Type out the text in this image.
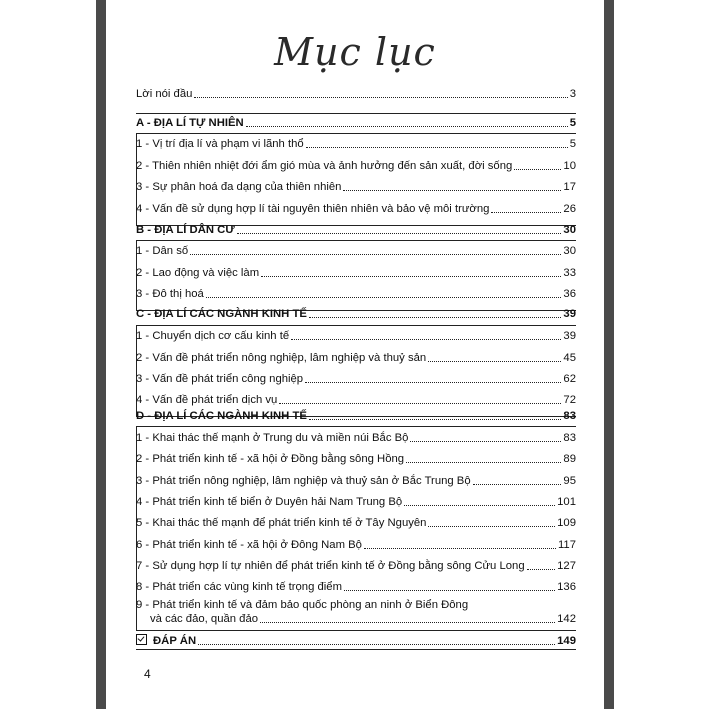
Mục lục
Lời nói đầu	3
A - ĐỊA LÍ TỰ NHIÊN	5
1 - Vị trí địa lí và phạm vi lãnh thổ	5
2 - Thiên nhiên nhiệt đới ẩm gió mùa và ảnh hưởng đến sản xuất, đời sống	10
3 - Sự phân hoá đa dạng của thiên nhiên	17
4 - Vấn đề sử dụng hợp lí tài nguyên thiên nhiên và bảo vệ môi trường	26
B - ĐỊA LÍ DÂN CƯ	30
1 - Dân số	30
2 - Lao động và việc làm	33
3 - Đô thị hoá	36
C - ĐỊA LÍ CÁC NGÀNH KINH TẾ	39
1 - Chuyển dịch cơ cấu kinh tế	39
2 - Vấn đề phát triển nông nghiệp, lâm nghiệp và thuỷ sản	45
3 - Vấn đề phát triển công nghiệp	62
4 - Vấn đề phát triển dịch vụ	72
D - ĐỊA LÍ CÁC NGÀNH KINH TẾ	83
1 - Khai thác thế mạnh ở Trung du và miền núi Bắc Bộ	83
2 - Phát triển kinh tế - xã hội ở Đồng bằng sông Hồng	89
3 - Phát triển nông nghiệp, lâm nghiệp và thuỷ sản ở Bắc Trung Bộ	95
4 - Phát triển kinh tế biển ở Duyên hải Nam Trung Bộ	101
5 - Khai thác thế mạnh để phát triển kinh tế ở Tây Nguyên	109
6 - Phát triển kinh tế - xã hội ở Đông Nam Bộ	117
7 - Sử dụng hợp lí tự nhiên để phát triển kinh tế ở Đồng bằng sông Cửu Long	127
8 - Phát triển các vùng kinh tế trọng điểm	136
9 - Phát triển kinh tế và đảm bảo quốc phòng an ninh ở Biển Đông
và các đảo, quần đảo	142
ĐÁP ÁN	149
4
